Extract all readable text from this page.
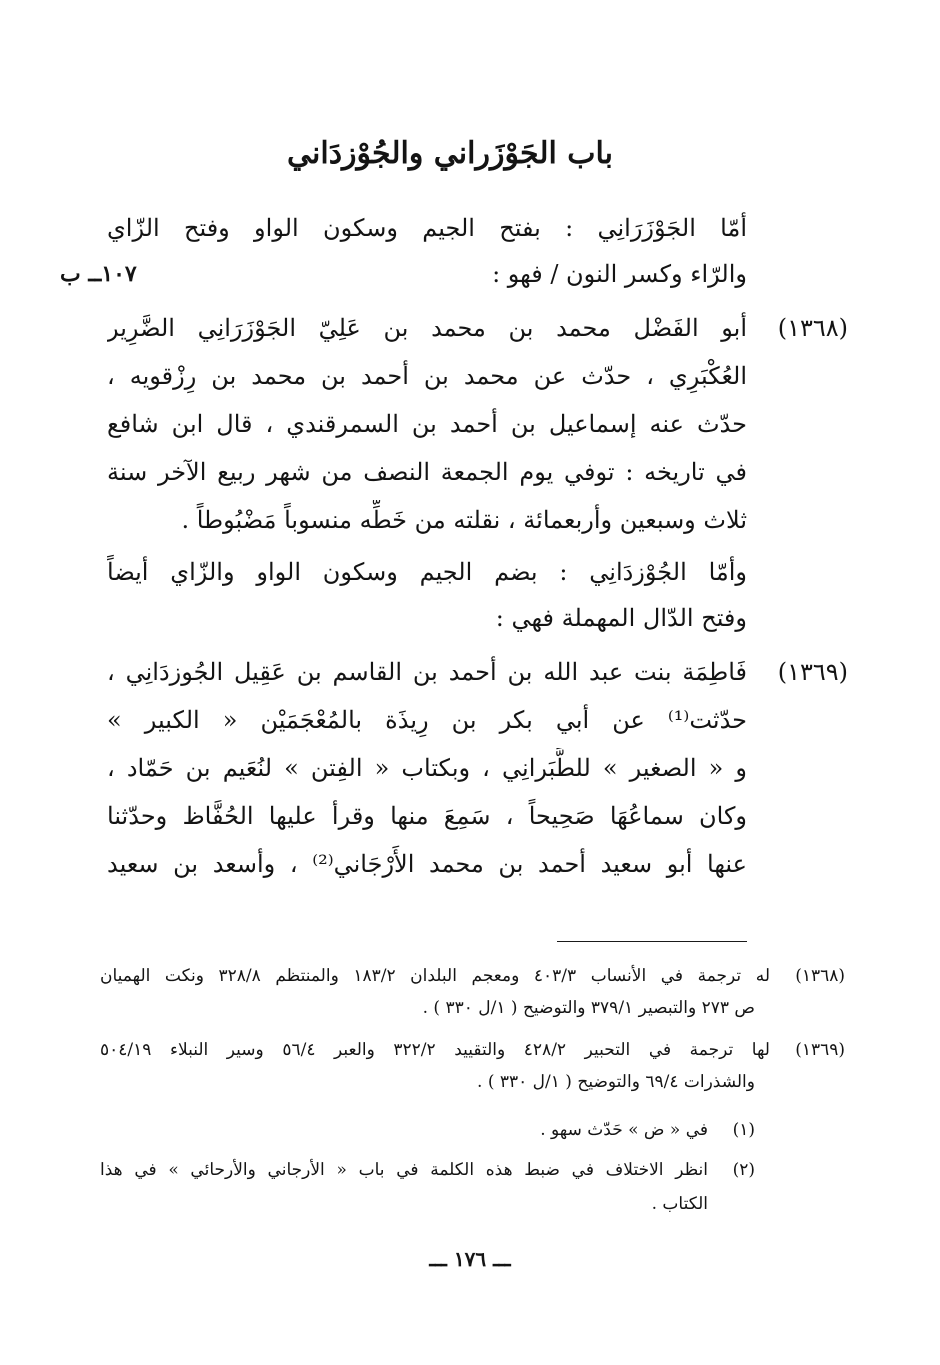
باب الجَوْزَراني والجُوْزدَاني
أمّا الجَوْزَرَانِي : بفتح الجيم وسكون الواو وفتح الزّاي
والرّاء وكسر النون / فهو :
١٠٧ــ ب
(١٣٦٨)
أبو الفَضْل محمد بن محمد بن عَلِيّ الجَوْزَرَانِي الضَّرِير
العُكْبَرِي ، حدّث عن محمد بن أحمد بن محمد بن رِزْقويه ،
حدّث عنه إسماعيل بن أحمد بن السمرقندي ، قال ابن شافع
في تاريخه : توفي يوم الجمعة النصف من شهر ربيع الآخر سنة
ثلاث وسبعين وأربعمائة ، نقلته من خَطِّه منسوباً مَضْبُوطاً .
وأمّا الجُوْزدَانِي : بضم الجيم وسكون الواو والزّاي أيضاً
وفتح الدّال المهملة فهي :
(١٣٦٩)
فَاطِمَة بنت عبد الله بن أحمد بن القاسم بن عَقِيل الجُوزدَانِي ،
حدّثت⁽¹⁾ عن أبي بكر بن رِيذَة بالمُعْجَمَيْن « الكبير »
و « الصغير » للطَّبَرانِي ، وبكتاب « الفِتن » لنُعَيم بن حَمّاد ،
وكان سماعُهَا صَحِيحاً ، سَمِعَ منها وقرأ عليها الحُفَّاظ وحدّثنا
عنها أبو سعيد أحمد بن محمد الأَرْجَاني⁽²⁾ ، وأسعد بن سعيد
(١٣٦٨)
له ترجمة في الأنساب ٤٠٣/٣ ومعجم البلدان ١٨٣/٢ والمنتظم ٣٢٨/٨ ونكت الهميان
ص ٢٧٣ والتبصير ٣٧٩/١ والتوضيح ( ١/ل ٣٣٠ ) .
(١٣٦٩)
لها ترجمة في التحبير ٤٢٨/٢ والتقييد ٣٢٢/٢ والعبر ٥٦/٤ وسير النبلاء ٥٠٤/١٩
والشذرات ٦٩/٤ والتوضيح ( ١/ل ٣٣٠ ) .
(١)
في « ض » حَدّث سهو .
(٢)
انظر الاختلاف في ضبط هذه الكلمة في باب « الأرجاني والأرحائي » في هذا
الكتاب .
ـــ ١٧٦ ـــ
